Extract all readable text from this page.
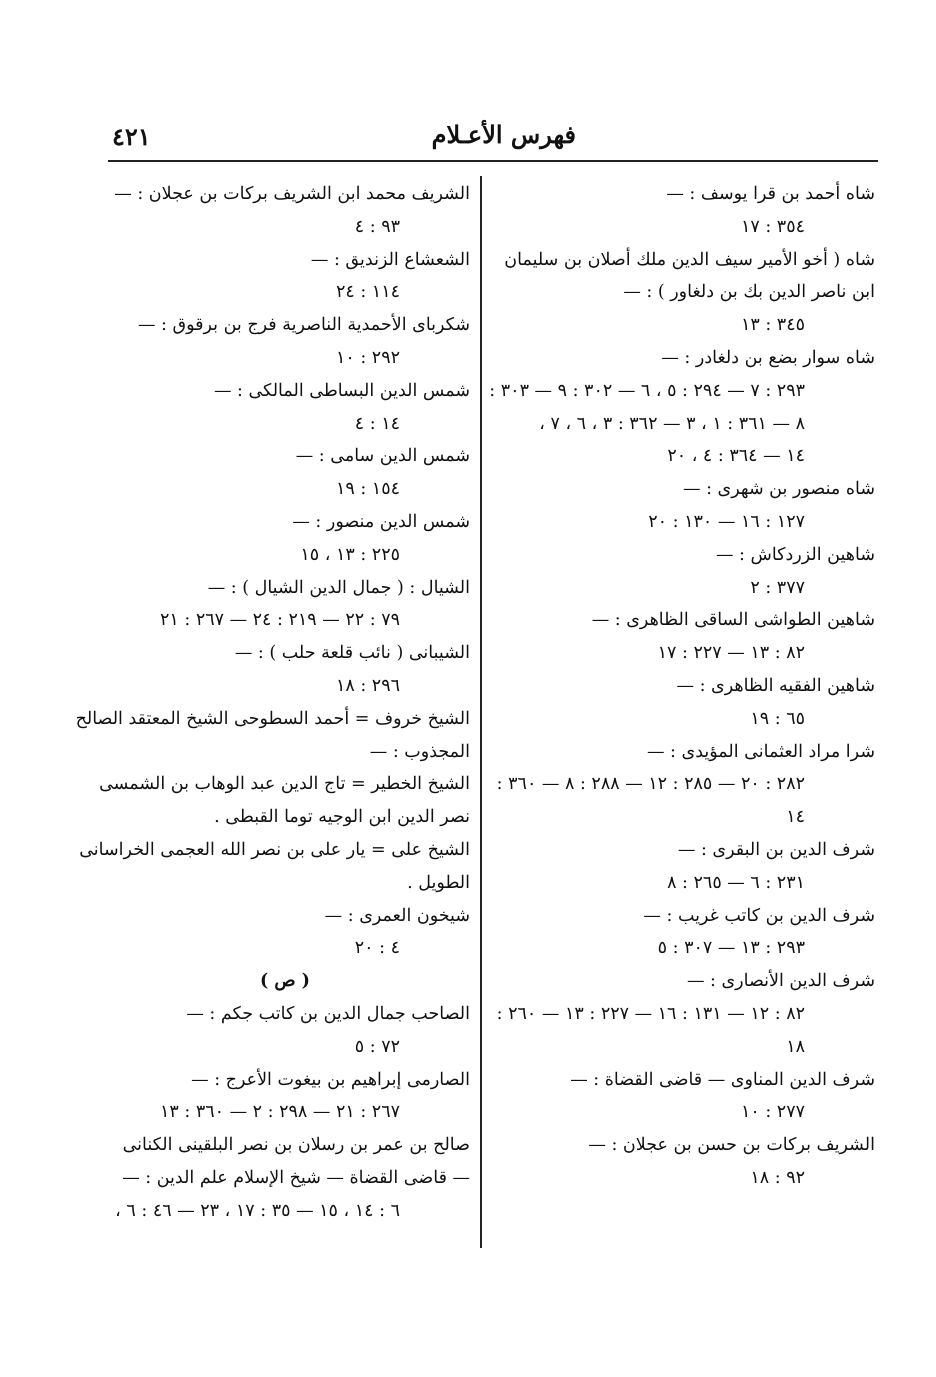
٤٢١	فهرس الأعـلام
شاه أحمد بن قرا يوسف : —
٣٥٤ : ١٧
شاه ( أخو الأمير سيف الدين ملك أصلان بن سليمان
ابن ناصر الدين بك بن دلغاور ) : —
٣٤٥ : ١٣
شاه سوار بضع بن دلغادر : —
٢٩٣ : ٧ — ٢٩٤ : ٥ ، ٦ — ٣٠٢ : ٩ — ٣٠٣ :
٨ — ٣٦١ : ١ ، ٣ — ٣٦٢ : ٣ ، ٦ ، ٧ ،
١٤ — ٣٦٤ : ٤ ، ٢٠
شاه منصور بن شهرى : —
١٢٧ : ١٦ — ١٣٠ : ٢٠
شاهين الزردكاش : —
٣٧٧ : ٢
شاهين الطواشى الساقى الظاهرى : —
٨٢ : ١٣ — ٢٢٧ : ١٧
شاهين الفقيه الظاهرى : —
٦٥ : ١٩
شرا مراد العثمانى المؤيدى : —
٢٨٢ : ٢٠ — ٢٨٥ : ١٢ — ٢٨٨ : ٨ — ٣٦٠ :
١٤
شرف الدين بن البقرى : —
٢٣١ : ٦ — ٢٦٥ : ٨
شرف الدين بن كاتب غريب : —
٢٩٣ : ١٣ — ٣٠٧ : ٥
شرف الدين الأنصارى : —
٨٢ : ١٢ — ١٣١ : ١٦ — ٢٢٧ : ١٣ — ٢٦٠ :
١٨
شرف الدين المناوى — قاضى القضاة : —
٢٧٧ : ١٠
الشريف بركات بن حسن بن عجلان : —
٩٢ : ١٨
الشريف محمد ابن الشريف بركات بن عجلان : —
٩٣ : ٤
الشعشاع الزنديق : —
١١٤ : ٢٤
شكرباى الأحمدية الناصرية فرج بن برقوق : —
٢٩٢ : ١٠
شمس الدين البساطى المالكى : —
١٤ : ٤
شمس الدين سامى : —
١٥٤ : ١٩
شمس الدين منصور : —
٢٢٥ : ١٣ ، ١٥
الشيال : ( جمال الدين الشيال ) : —
٧٩ : ٢٢ — ٢١٩ : ٢٤ — ٢٦٧ : ٢١
الشيبانى ( نائب قلعة حلب ) : —
٢٩٦ : ١٨
الشيخ خروف = أحمد السطوحى الشيخ المعتقد الصالح
المجذوب : —
الشيخ الخطير = تاج الدين عبد الوهاب بن الشمسى
نصر الدين ابن الوجيه توما القبطى .
الشيخ على = يار على بن نصر الله العجمى الخراسانى
الطويل .
شيخون العمرى : —
٤ : ٢٠
( ص )
الصاحب جمال الدين بن كاتب جكم : —
٧٢ : ٥
الصارمى إبراهيم بن بيغوت الأعرج : —
٢٦٧ : ٢١ — ٢٩٨ : ٢ — ٣٦٠ : ١٣
صالح بن عمر بن رسلان بن نصر البلقينى الكنانى
— قاضى القضاة — شيخ الإسلام علم الدين : —
٦ : ١٤ ، ١٥ — ٣٥ : ١٧ ، ٢٣ — ٤٦ : ٦ ،
